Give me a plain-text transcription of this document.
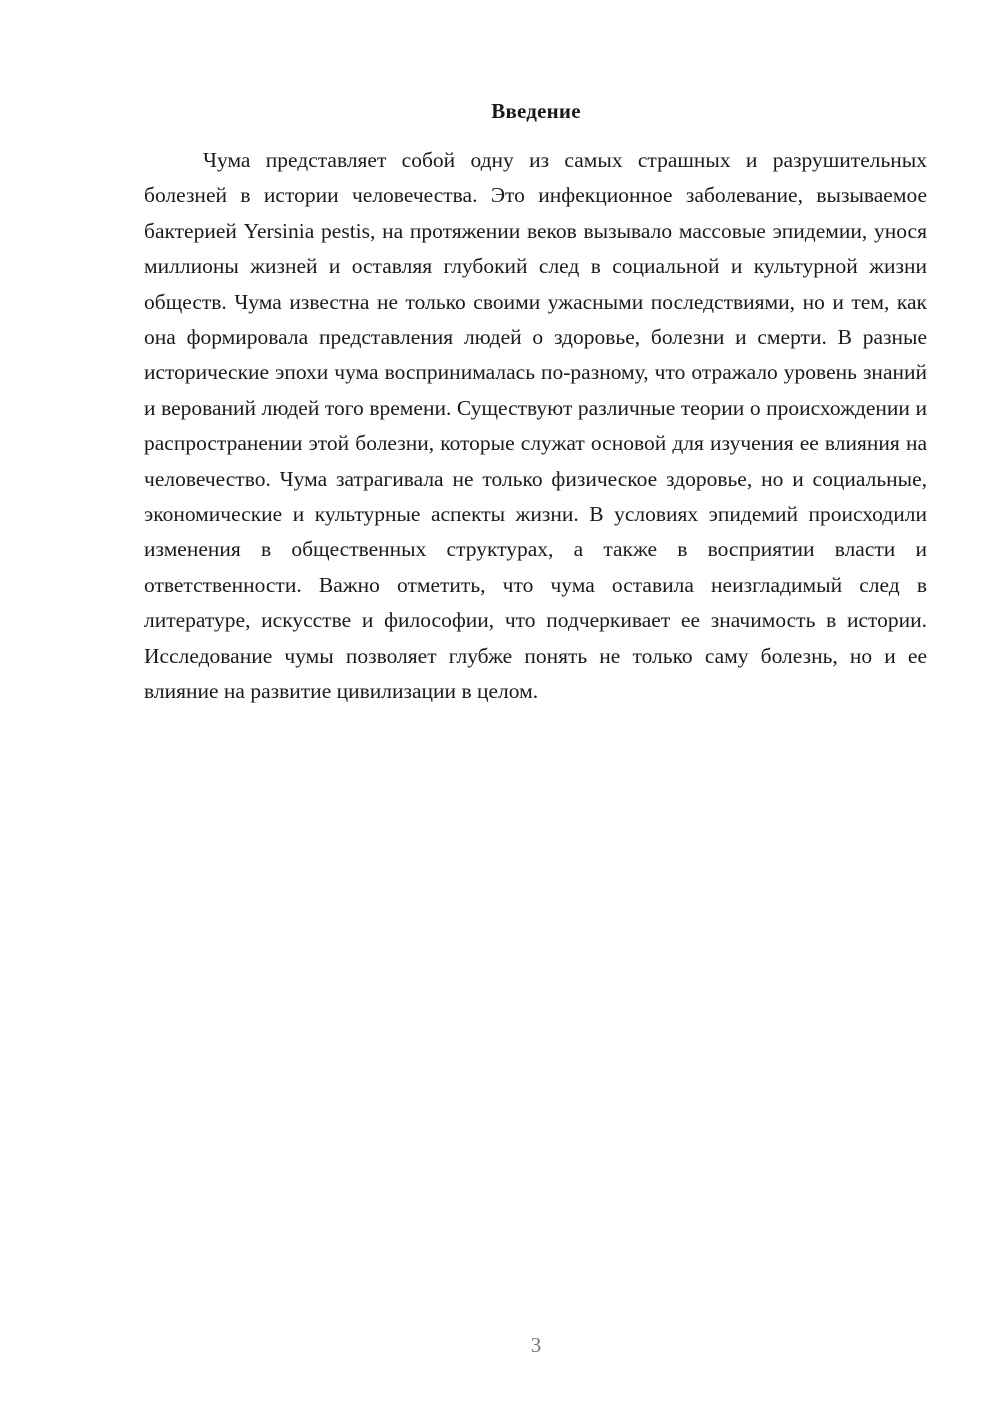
Введение

Чума представляет собой одну из самых страшных и разрушительных болезней в истории человечества. Это инфекционное заболевание, вызываемое бактерией Yersinia pestis, на протяжении веков вызывало массовые эпидемии, унося миллионы жизней и оставляя глубокий след в социальной и культурной жизни обществ. Чума известна не только своими ужасными последствиями, но и тем, как она формировала представления людей о здоровье, болезни и смерти. В разные исторические эпохи чума воспринималась по-разному, что отражало уровень знаний и верований людей того времени. Существуют различные теории о происхождении и распространении этой болезни, которые служат основой для изучения ее влияния на человечество. Чума затрагивала не только физическое здоровье, но и социальные, экономические и культурные аспекты жизни. В условиях эпидемий происходили изменения в общественных структурах, а также в восприятии власти и ответственности. Важно отметить, что чума оставила неизгладимый след в литературе, искусстве и философии, что подчеркивает ее значимость в истории. Исследование чумы позволяет глубже понять не только саму болезнь, но и ее влияние на развитие цивилизации в целом.

3
